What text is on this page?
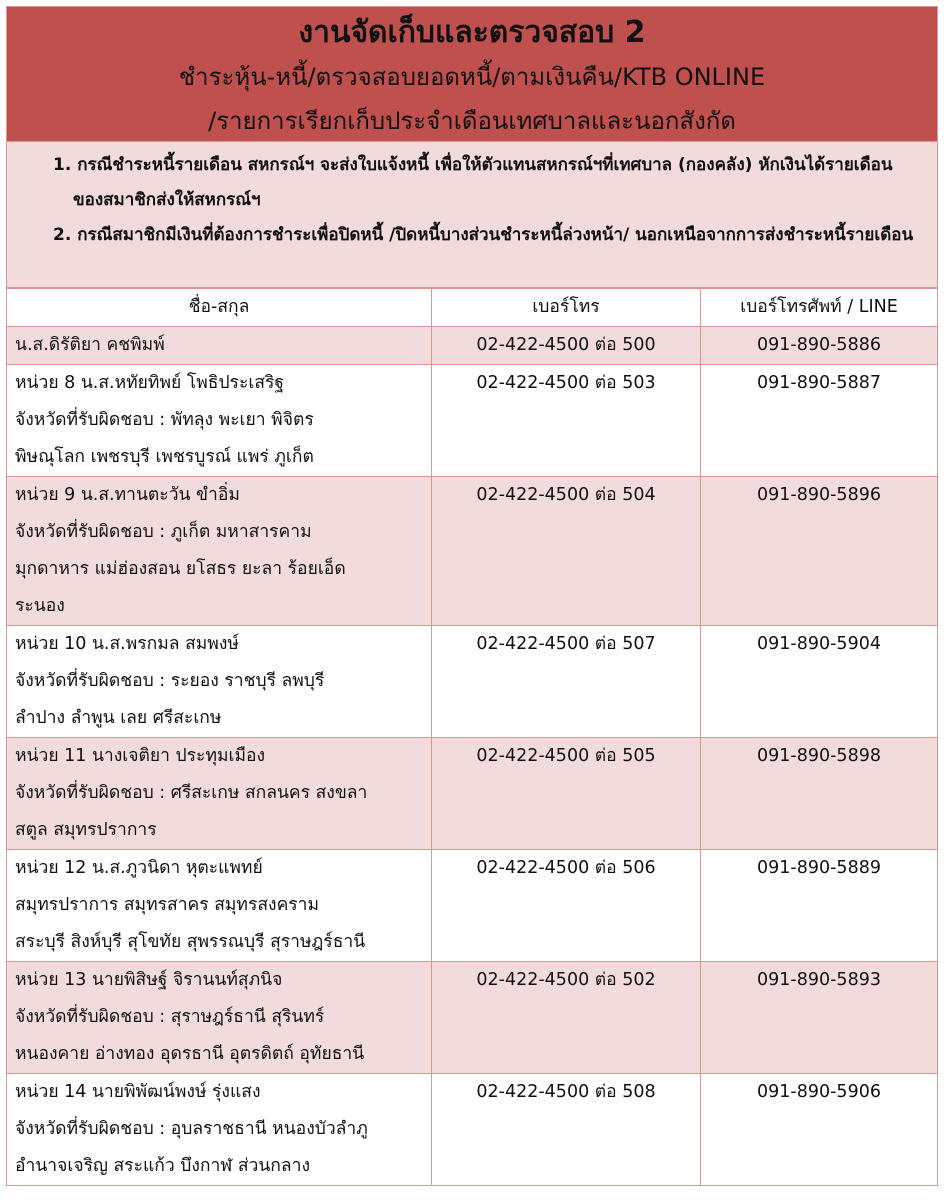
งานจัดเก็บและตรวจสอบ 2
ชำระหุ้น-หนี้/ตรวจสอบยอดหนี้/ตามเงินคืน/KTB ONLINE
/รายการเรียกเก็บประจำเดือนเทศบาลและนอกสังกัด
1. กรณีชำระหนี้รายเดือน สหกรณ์ฯ จะส่งใบแจ้งหนี้ เพื่อให้ตัวแทนสหกรณ์ฯที่เทศบาล (กองคลัง) หักเงินได้รายเดือนของสมาชิกส่งให้สหกรณ์ฯ
2. กรณีสมาชิกมีเงินที่ต้องการชำระเพื่อปิดหนี้ /ปิดหนี้บางส่วนชำระหนี้ล่วงหน้า/ นอกเหนือจากการส่งชำระหนี้รายเดือน
ชื่อ-สกุล	เบอร์โทร	เบอร์โทรศัพท์ / LINE

น.ส.ดิรัติยา คชพิมพ์	02-422-4500 ต่อ 500	091-890-5886

หน่วย 8 น.ส.หทัยทิพย์ โพธิประเสริฐ
จังหวัดที่รับผิดชอบ : พัทลุง พะเยา พิจิตร
พิษณุโลก เพชรบุรี เพชรบูรณ์ แพร่ ภูเก็ต	02-422-4500 ต่อ 503	091-890-5887

หน่วย 9 น.ส.ทานตะวัน ขำอิ่ม
จังหวัดที่รับผิดชอบ : ภูเก็ต มหาสารคาม
มุกดาหาร แม่ฮ่องสอน ยโสธร ยะลา ร้อยเอ็ด
ระนอง	02-422-4500 ต่อ 504	091-890-5896

หน่วย 10 น.ส.พรกมล สมพงษ์
จังหวัดที่รับผิดชอบ : ระยอง ราชบุรี ลพบุรี
ลำปาง ลำพูน เลย ศรีสะเกษ	02-422-4500 ต่อ 507	091-890-5904

หน่วย 11 นางเจติยา ประทุมเมือง
จังหวัดที่รับผิดชอบ : ศรีสะเกษ สกลนคร สงขลา
สตูล สมุทรปราการ	02-422-4500 ต่อ 505	091-890-5898

หน่วย 12 น.ส.ภูวนิดา หุตะแพทย์
สมุทรปราการ สมุทรสาคร สมุทรสงคราม
สระบุรี สิงห์บุรี สุโขทัย สุพรรณบุรี สุราษฎร์ธานี	02-422-4500 ต่อ 506	091-890-5889

หน่วย 13 นายพิสิษฐ์ จิรานนท์สุภนิจ
จังหวัดที่รับผิดชอบ : สุราษฎร์ธานี สุรินทร์
หนองคาย อ่างทอง อุดรธานี อุตรดิตถ์ อุทัยธานี	02-422-4500 ต่อ 502	091-890-5893

หน่วย 14 นายพิพัฒน์พงษ์ รุ่งแสง
จังหวัดที่รับผิดชอบ : อุบลราชธานี หนองบัวลำภู
อำนาจเจริญ สระแก้ว บึงกาฬ ส่วนกลาง	02-422-4500 ต่อ 508	091-890-5906
